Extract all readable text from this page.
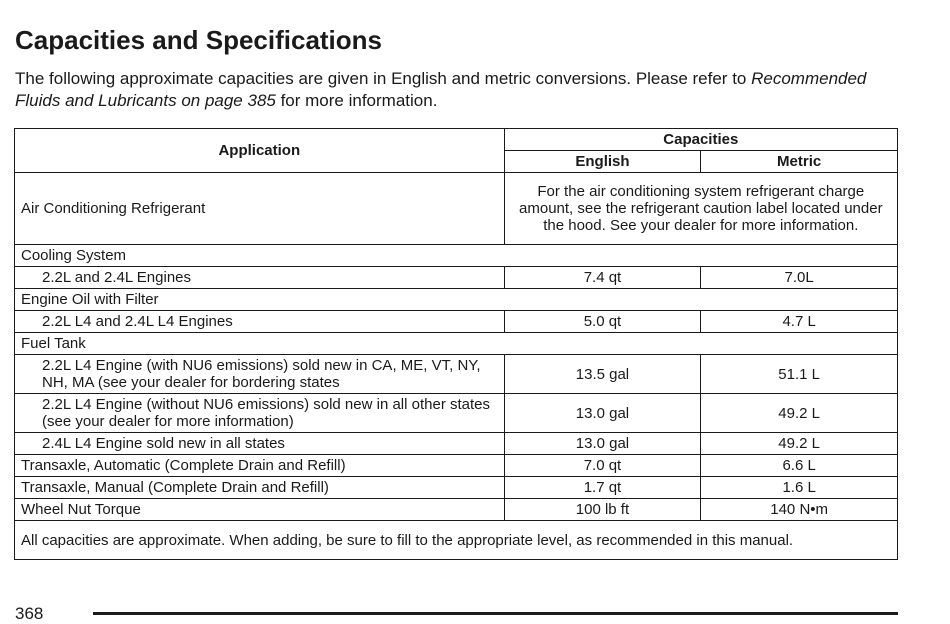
Capacities and Specifications
The following approximate capacities are given in English and metric conversions. Please refer to Recommended Fluids and Lubricants on page 385 for more information.
Application	Capacities	
	English	Metric
Air Conditioning Refrigerant	For the air conditioning system refrigerant charge amount, see the refrigerant caution label located under the hood. See your dealer for more information.	
Cooling System		
2.2L and 2.4L Engines	7.4 qt	7.0L
Engine Oil with Filter		
2.2L L4 and 2.4L L4 Engines	5.0 qt	4.7 L
Fuel Tank		
2.2L L4 Engine (with NU6 emissions) sold new in CA, ME, VT, NY, NH, MA (see your dealer for bordering states	13.5 gal	51.1 L
2.2L L4 Engine (without NU6 emissions) sold new in all other states (see your dealer for more information)	13.0 gal	49.2 L
2.4L L4 Engine sold new in all states	13.0 gal	49.2 L
Transaxle, Automatic (Complete Drain and Refill)	7.0 qt	6.6 L
Transaxle, Manual (Complete Drain and Refill)	1.7 qt	1.6 L
Wheel Nut Torque	100 lb ft	140 N•m
All capacities are approximate. When adding, be sure to fill to the appropriate level, as recommended in this manual.		
368
